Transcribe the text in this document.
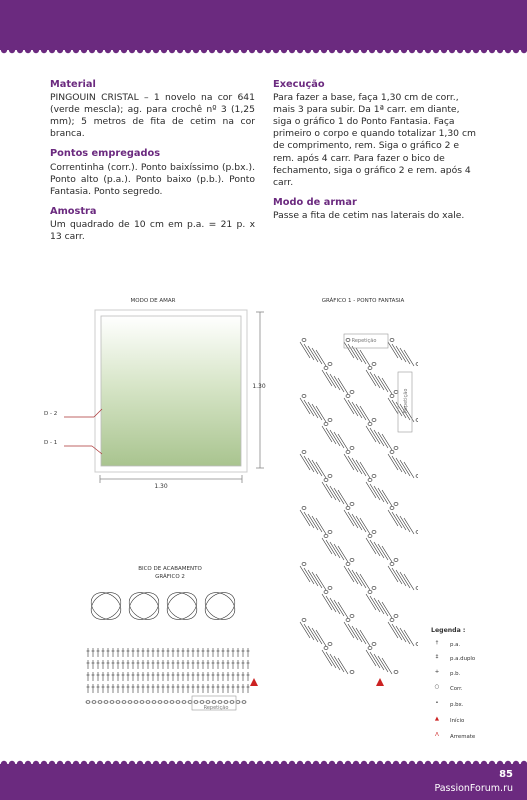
Material
PINGOUIN CRISTAL – 1 novelo na cor 641 (verde mescla); ag. para crochê nº 3 (1,25 mm); 5 metros de fita de cetim na cor branca.
Pontos empregados
Correntinha (corr.). Ponto baixíssimo (p.bx.). Ponto alto (p.a.). Ponto baixo (p.b.). Ponto Fantasia. Ponto segredo.
Amostra
Um quadrado de 10 cm em p.a. = 21 p. x 13 carr.
Execução
Para fazer a base, faça 1,30 cm de corr., mais 3 para subir. Da 1ª carr. em diante, siga o gráfico 1 do Ponto Fantasia. Faça primeiro o corpo e quando totalizar 1,30 cm de comprimento, rem. Siga o gráfico 2 e rem. após 4 carr. Para fazer o bico de fechamento, siga o gráfico 2 e rem. após 4 carr.
Modo de armar
Passe a fita de cetim nas laterais do xale.
MODO DE AMAR
1.30
1.30
D - 2
D - 1
GRÁFICO 1 - PONTO FANTASIA
Repetição
Repetição
BICO DE ACABAMENTO
GRÁFICO 2
Repetição
Legenda :
†	p.a.
‡	p.a.duplo
+	p.b.
○	Corr.
•	p.bx.
▲	Início
Λ	Arremate
85
PassionForum.ru
